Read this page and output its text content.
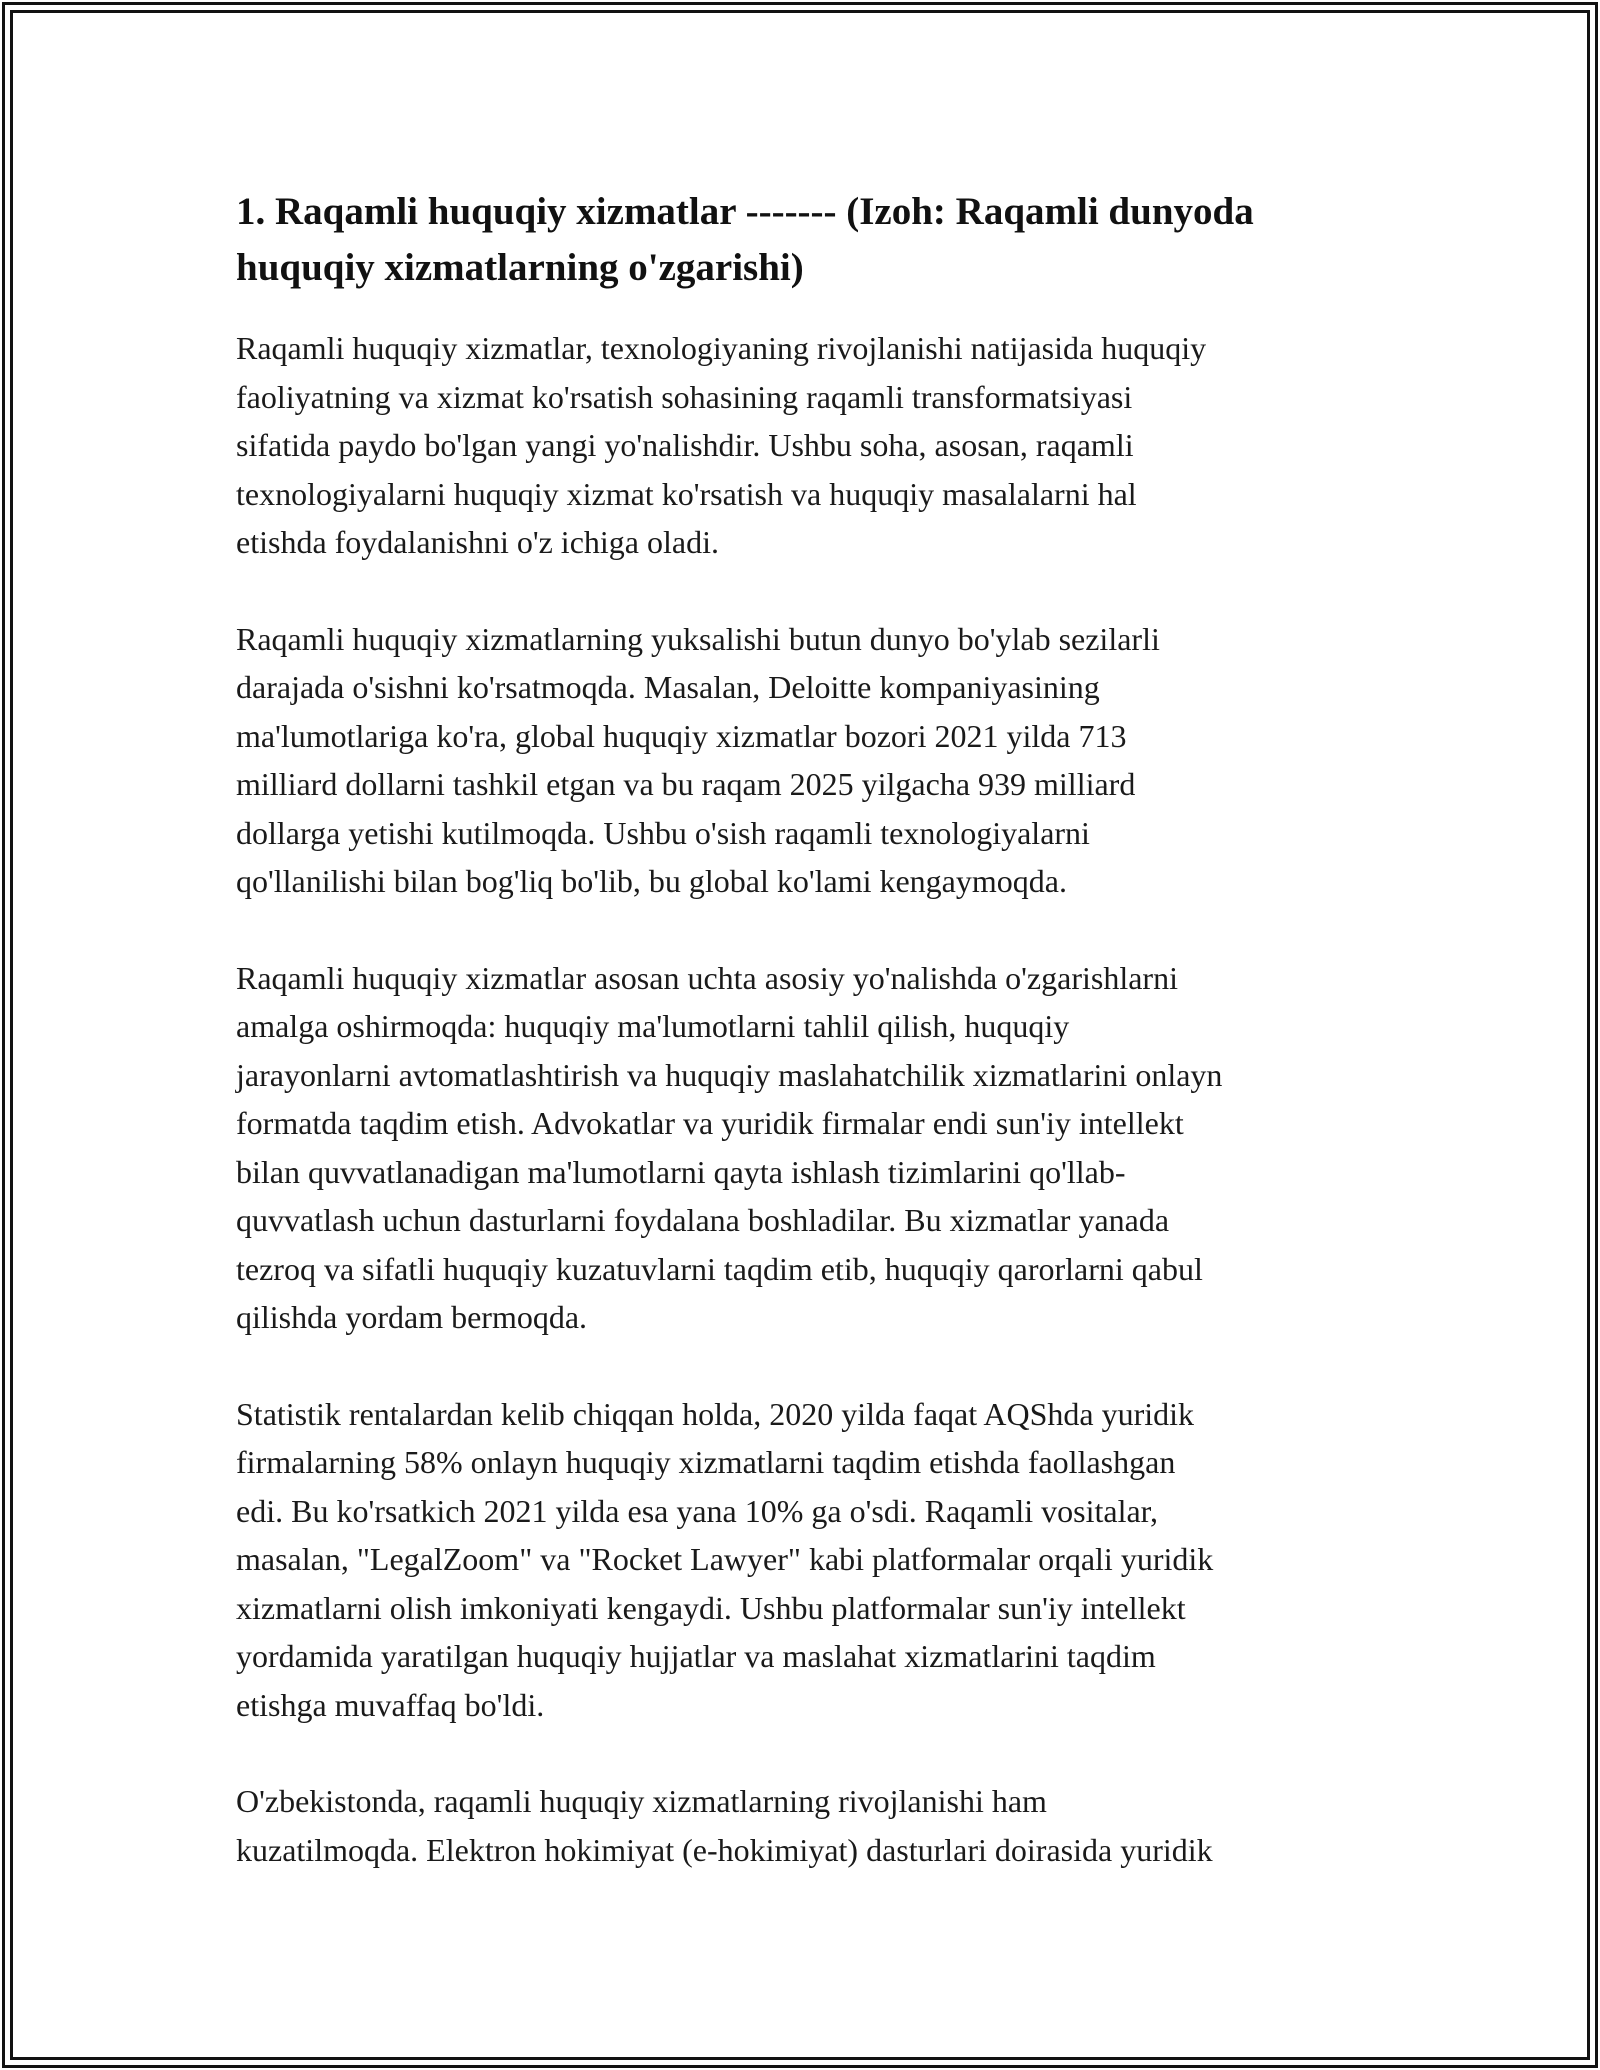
1. Raqamli huquqiy xizmatlar ------- (Izoh: Raqamli dunyoda
huquqiy xizmatlarning o'zgarishi)

Raqamli huquqiy xizmatlar, texnologiyaning rivojlanishi natijasida huquqiy
faoliyatning va xizmat ko'rsatish sohasining raqamli transformatsiyasi
sifatida paydo bo'lgan yangi yo'nalishdir. Ushbu soha, asosan, raqamli
texnologiyalarni huquqiy xizmat ko'rsatish va huquqiy masalalarni hal
etishda foydalanishni o'z ichiga oladi.

Raqamli huquqiy xizmatlarning yuksalishi butun dunyo bo'ylab sezilarli
darajada o'sishni ko'rsatmoqda. Masalan, Deloitte kompaniyasining
ma'lumotlariga ko'ra, global huquqiy xizmatlar bozori 2021 yilda 713
milliard dollarni tashkil etgan va bu raqam 2025 yilgacha 939 milliard
dollarga yetishi kutilmoqda. Ushbu o'sish raqamli texnologiyalarni
qo'llanilishi bilan bog'liq bo'lib, bu global ko'lami kengaymoqda.

Raqamli huquqiy xizmatlar asosan uchta asosiy yo'nalishda o'zgarishlarni
amalga oshirmoqda: huquqiy ma'lumotlarni tahlil qilish, huquqiy
jarayonlarni avtomatlashtirish va huquqiy maslahatchilik xizmatlarini onlayn
formatda taqdim etish. Advokatlar va yuridik firmalar endi sun'iy intellekt
bilan quvvatlanadigan ma'lumotlarni qayta ishlash tizimlarini qo'llab-
quvvatlash uchun dasturlarni foydalana boshladilar. Bu xizmatlar yanada
tezroq va sifatli huquqiy kuzatuvlarni taqdim etib, huquqiy qarorlarni qabul
qilishda yordam bermoqda.

Statistik rentalardan kelib chiqqan holda, 2020 yilda faqat AQShda yuridik
firmalarning 58% onlayn huquqiy xizmatlarni taqdim etishda faollashgan
edi. Bu ko'rsatkich 2021 yilda esa yana 10% ga o'sdi. Raqamli vositalar,
masalan, "LegalZoom" va "Rocket Lawyer" kabi platformalar orqali yuridik
xizmatlarni olish imkoniyati kengaydi. Ushbu platformalar sun'iy intellekt
yordamida yaratilgan huquqiy hujjatlar va maslahat xizmatlarini taqdim
etishga muvaffaq bo'ldi.

O'zbekistonda, raqamli huquqiy xizmatlarning rivojlanishi ham
kuzatilmoqda. Elektron hokimiyat (e-hokimiyat) dasturlari doirasida yuridik
